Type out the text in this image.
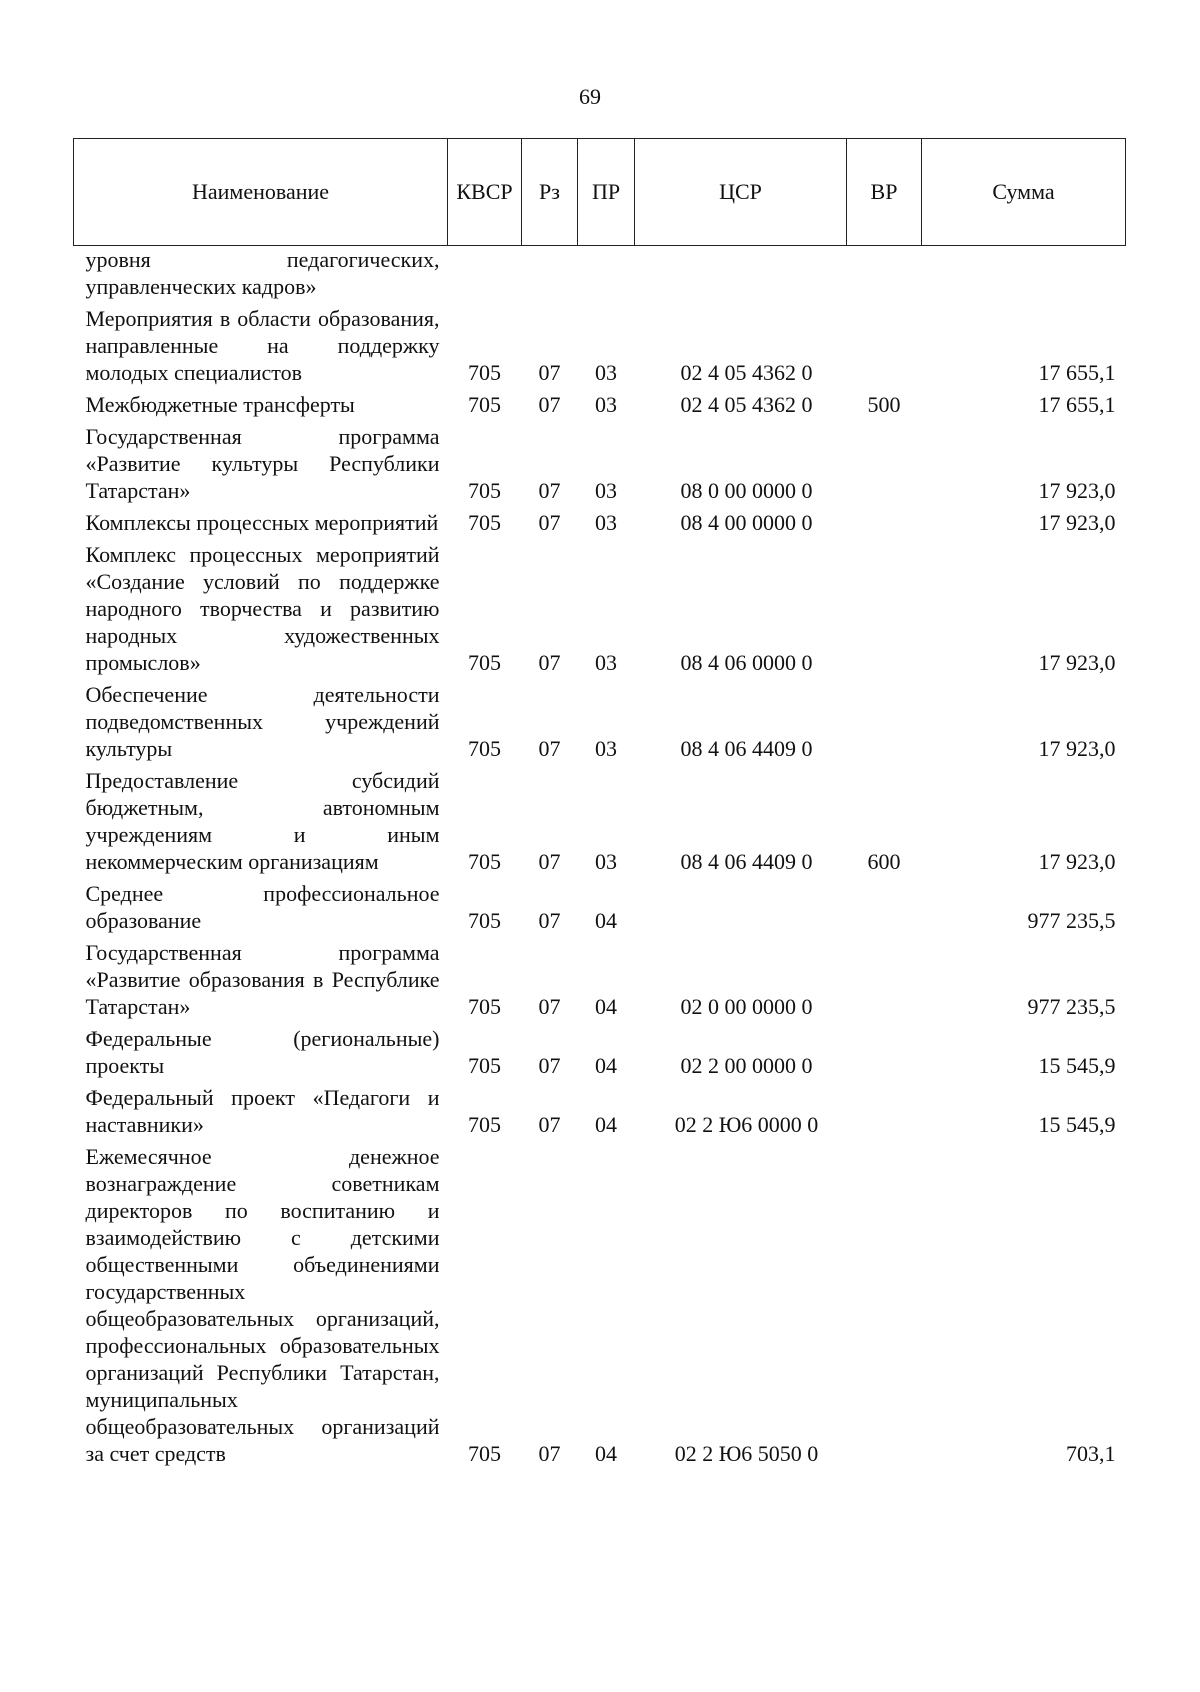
69
Наименование	КВСР	Рз	ПР	ЦСР	ВР	Сумма
уровня педагогических, управленческих кадров»						
Мероприятия в области образования, направленные на поддержку молодых специалистов	705	07	03	02 4 05 4362 0		17 655,1
Межбюджетные трансферты	705	07	03	02 4 05 4362 0	500	17 655,1
Государственная программа «Развитие культуры Республики Татарстан»	705	07	03	08 0 00 0000 0		17 923,0
Комплексы процессных мероприятий	705	07	03	08 4 00 0000 0		17 923,0
Комплекс процессных мероприятий «Создание условий по поддержке народного творчества и развитию народных художественных промыслов»	705	07	03	08 4 06 0000 0		17 923,0
Обеспечение деятельности подведомственных учреждений культуры	705	07	03	08 4 06 4409 0		17 923,0
Предоставление субсидий бюджетным, автономным учреждениям и иным некоммерческим организациям	705	07	03	08 4 06 4409 0	600	17 923,0
Среднее профессиональное образование	705	07	04			977 235,5
Государственная программа «Развитие образования в Республике Татарстан»	705	07	04	02 0 00 0000 0		977 235,5
Федеральные (региональные) проекты	705	07	04	02 2 00 0000 0		15 545,9
Федеральный проект «Педагоги и наставники»	705	07	04	02 2 Ю6 0000 0		15 545,9
Ежемесячное денежное вознаграждение советникам директоров по воспитанию и взаимодействию с детскими общественными объединениями государственных общеобразовательных организаций, профессиональных образовательных организаций Республики Татарстан, муниципальных общеобразовательных организаций за счет средств	705	07	04	02 2 Ю6 5050 0		703,1
